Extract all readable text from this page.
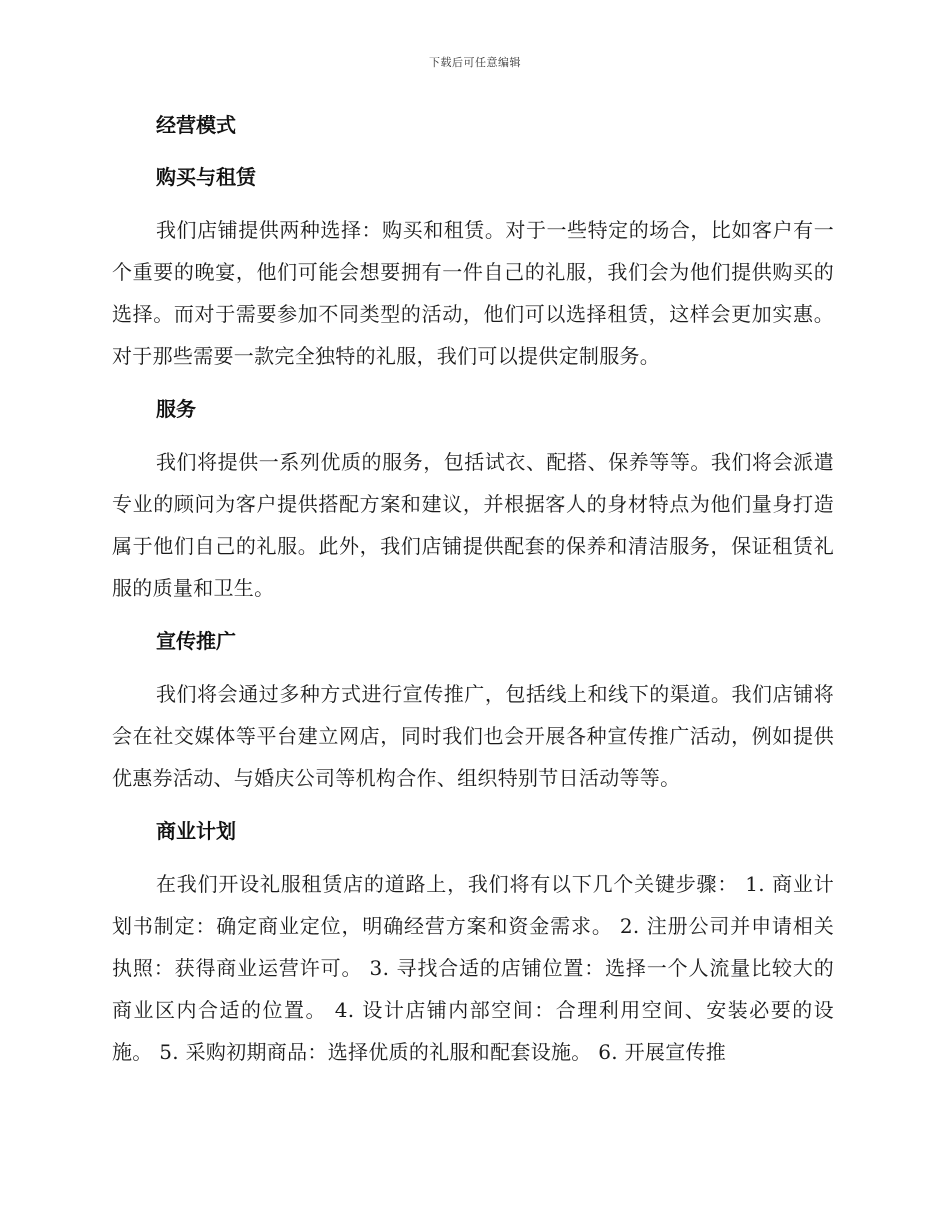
下载后可任意编辑
经营模式
购买与租赁
我们店铺提供两种选择：购买和租赁。对于一些特定的场合，比如客户有一个重要的晚宴，他们可能会想要拥有一件自己的礼服，我们会为他们提供购买的选择。而对于需要参加不同类型的活动，他们可以选择租赁，这样会更加实惠。对于那些需要一款完全独特的礼服，我们可以提供定制服务。
服务
我们将提供一系列优质的服务，包括试衣、配搭、保养等等。我们将会派遣专业的顾问为客户提供搭配方案和建议，并根据客人的身材特点为他们量身打造属于他们自己的礼服。此外，我们店铺提供配套的保养和清洁服务，保证租赁礼服的质量和卫生。
宣传推广
我们将会通过多种方式进行宣传推广，包括线上和线下的渠道。我们店铺将会在社交媒体等平台建立网店，同时我们也会开展各种宣传推广活动，例如提供优惠券活动、与婚庆公司等机构合作、组织特别节日活动等等。
商业计划
在我们开设礼服租赁店的道路上，我们将有以下几个关键步骤： 1. 商业计划书制定：确定商业定位，明确经营方案和资金需求。 2. 注册公司并申请相关执照：获得商业运营许可。 3. 寻找合适的店铺位置：选择一个人流量比较大的商业区内合适的位置。 4. 设计店铺内部空间：合理利用空间、安装必要的设施。 5. 采购初期商品：选择优质的礼服和配套设施。 6. 开展宣传推
